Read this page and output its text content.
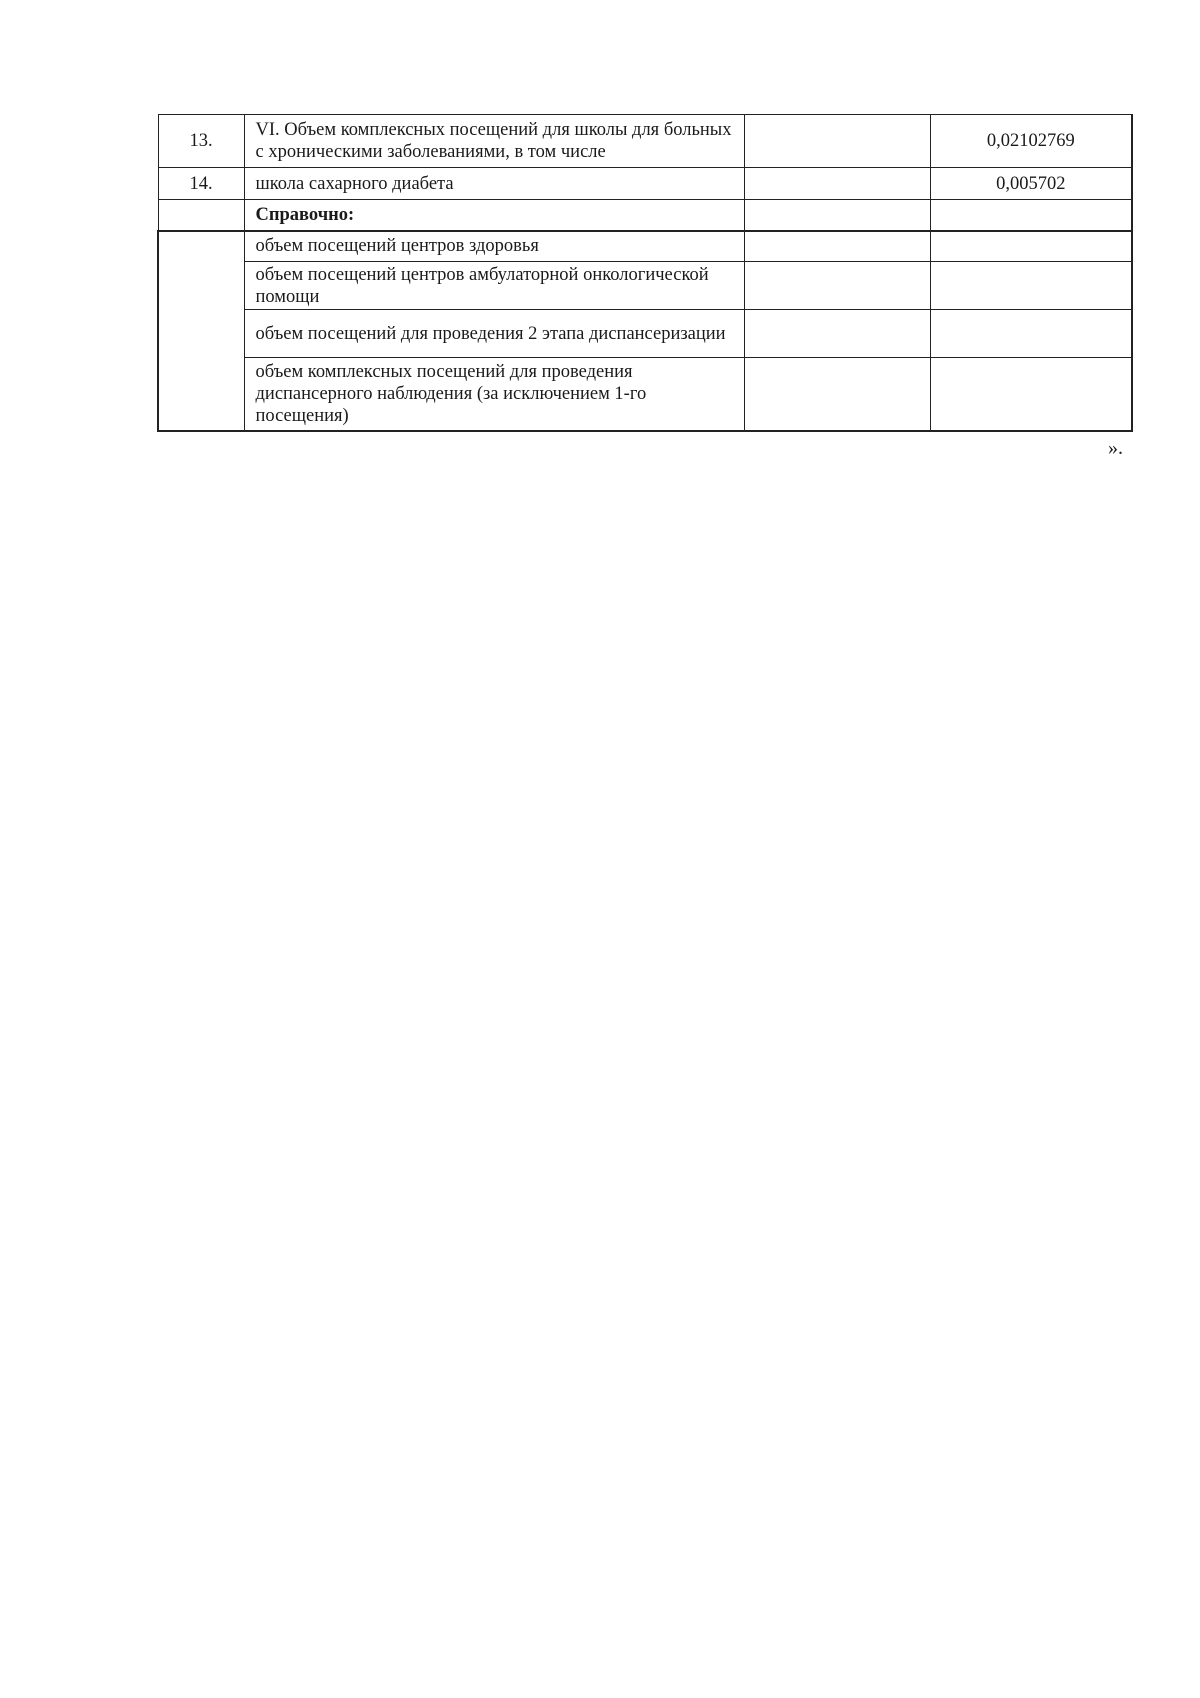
13.	VI. Объем комплексных посещений для школы для больных с хроническими заболеваниями, в том числе		0,02102769
14.	школа сахарного диабета		0,005702
	Справочно:		
	объем посещений центров здоровья		
	объем посещений центров амбулаторной онкологической помощи		
	объем посещений для проведения 2 этапа диспансеризации		
	объем комплексных посещений для проведения диспансерного наблюдения (за исключением 1-го посещения)		
».
